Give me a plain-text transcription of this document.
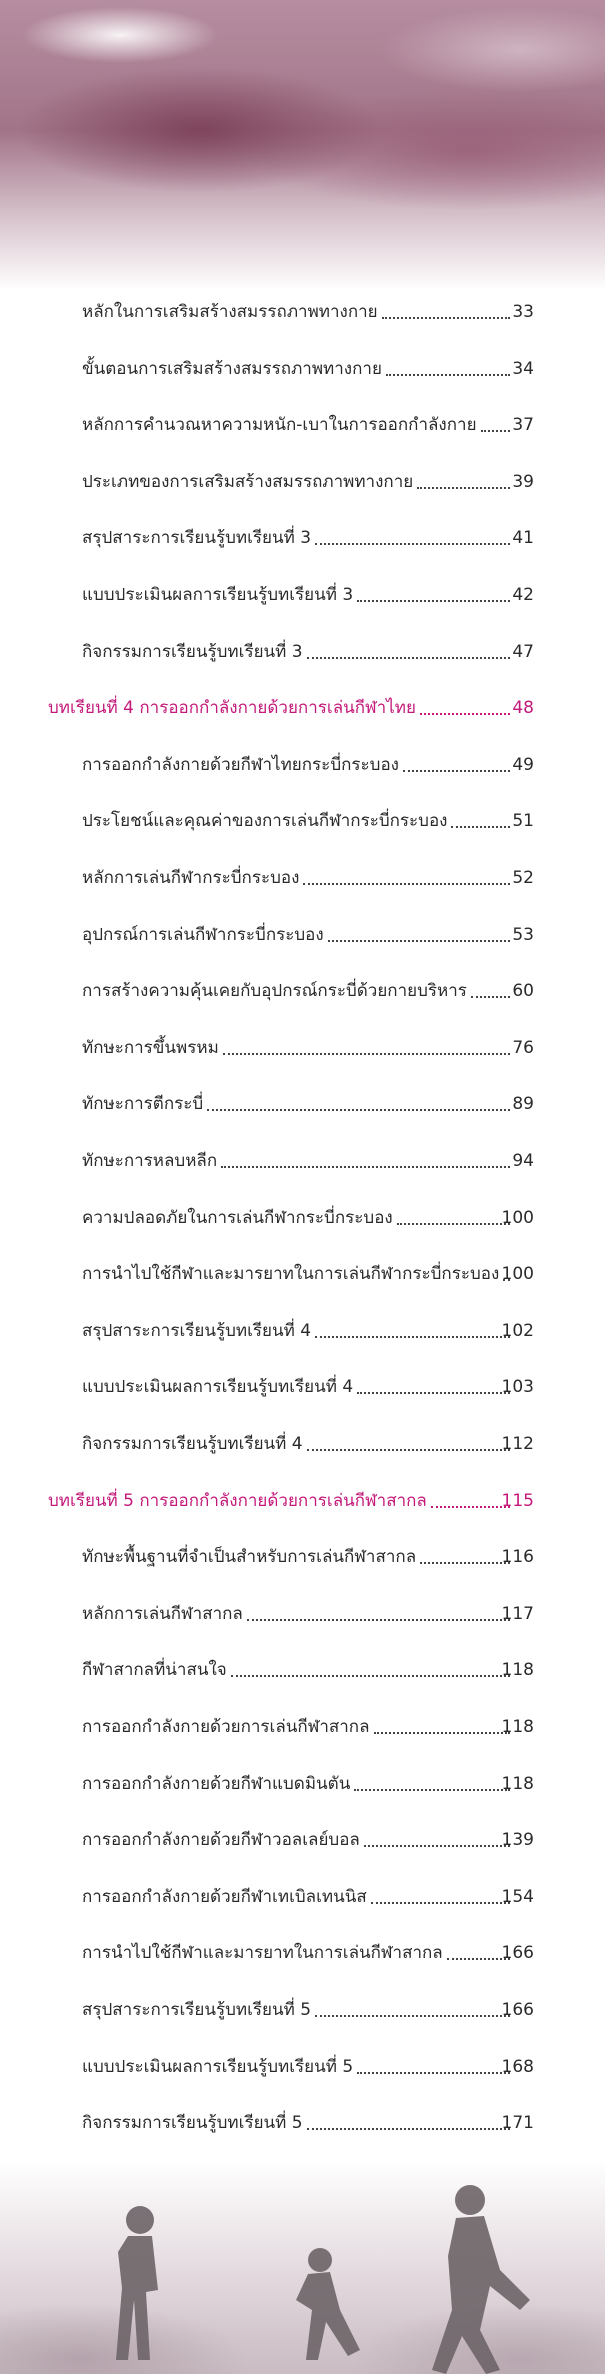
หลักในการเสริมสร้างสมรรถภาพทางกาย	33
ขั้นตอนการเสริมสร้างสมรรถภาพทางกาย	34
หลักการคำนวณหาความหนัก-เบาในการออกกำลังกาย 37
ประเภทของการเสริมสร้างสมรรถภาพทางกาย	39
สรุปสาระการเรียนรู้บทเรียนที่ 3	41
แบบประเมินผลการเรียนรู้บทเรียนที่ 3	42
กิจกรรมการเรียนรู้บทเรียนที่ 3	47
บทเรียนที่ 4 การออกกำลังกายด้วยการเล่นกีฬาไทย	48
การออกกำลังกายด้วยกีฬาไทยกระบี่กระบอง	49
ประโยชน์และคุณค่าของการเล่นกีฬากระบี่กระบอง	51
หลักการเล่นกีฬากระบี่กระบอง	52
อุปกรณ์การเล่นกีฬากระบี่กระบอง	53
การสร้างความคุ้นเคยกับอุปกรณ์กระบี่ด้วยกายบริหาร	60
ทักษะการขึ้นพรหม	76
ทักษะการตีกระบี่	89
ทักษะการหลบหลีก	94
ความปลอดภัยในการเล่นกีฬากระบี่กระบอง	100
การนำไปใช้กีฬาและมารยาทในการเล่นกีฬากระบี่กระบอง 100
สรุปสาระการเรียนรู้บทเรียนที่ 4	102
แบบประเมินผลการเรียนรู้บทเรียนที่ 4	103
กิจกรรมการเรียนรู้บทเรียนที่ 4	112
บทเรียนที่ 5 การออกกำลังกายด้วยการเล่นกีฬาสากล	115
ทักษะพื้นฐานที่จำเป็นสำหรับการเล่นกีฬาสากล	116
หลักการเล่นกีฬาสากล	117
กีฬาสากลที่น่าสนใจ	118
การออกกำลังกายด้วยการเล่นกีฬาสากล	118
การออกกำลังกายด้วยกีฬาแบดมินตัน	118
การออกกำลังกายด้วยกีฬาวอลเลย์บอล	139
การออกกำลังกายด้วยกีฬาเทเบิลเทนนิส	154
การนำไปใช้กีฬาและมารยาทในการเล่นกีฬาสากล	166
สรุปสาระการเรียนรู้บทเรียนที่ 5	166
แบบประเมินผลการเรียนรู้บทเรียนที่ 5	168
กิจกรรมการเรียนรู้บทเรียนที่ 5	171
